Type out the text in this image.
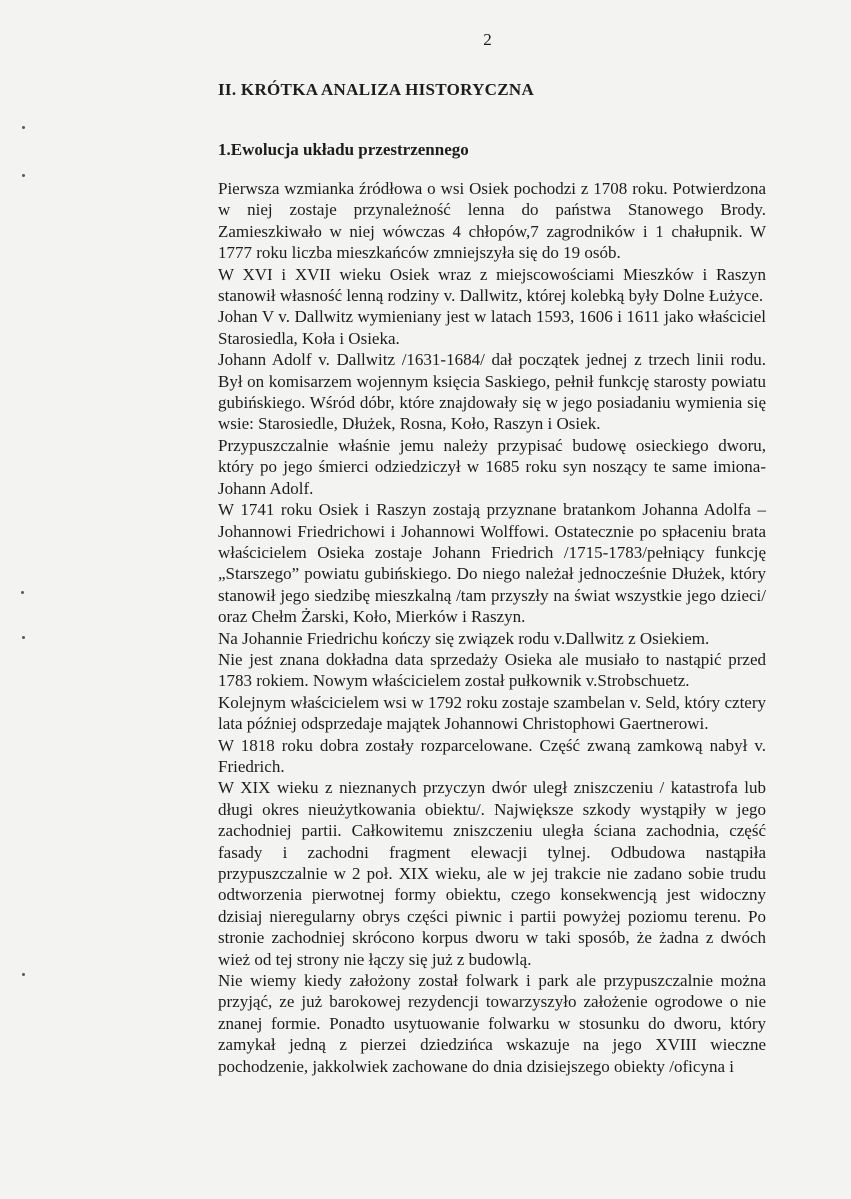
2
II. KRÓTKA ANALIZA HISTORYCZNA
1.Ewolucja układu przestrzennego

Pierwsza wzmianka źródłowa o wsi Osiek pochodzi z 1708 roku. Potwierdzona w niej zostaje przynależność lenna do państwa Stanowego Brody. Zamieszkiwało w niej wówczas 4 chłopów,7 zagrodników i 1 chałupnik. W 1777 roku liczba mieszkańców zmniejszyła się do 19 osób.

W XVI i XVII wieku Osiek wraz z miejscowościami Mieszków i Raszyn stanowił własność lenną rodziny v. Dallwitz, której kolebką były Dolne Łużyce.

Johan V v. Dallwitz wymieniany jest w latach 1593, 1606 i 1611 jako właściciel Starosiedla, Koła i Osieka.

Johann Adolf v. Dallwitz /1631-1684/ dał początek jednej z trzech linii rodu. Był on komisarzem wojennym księcia Saskiego, pełnił funkcję starosty powiatu gubińskiego. Wśród dóbr, które znajdowały się w jego posiadaniu wymienia się wsie: Starosiedle, Dłużek, Rosna, Koło, Raszyn i Osiek.

Przypuszczalnie właśnie jemu należy przypisać budowę osieckiego dworu, który po jego śmierci odziedziczył w 1685 roku syn noszący te same imiona- Johann Adolf.

W 1741 roku Osiek i Raszyn zostają przyznane bratankom Johanna Adolfa – Johannowi Friedrichowi i Johannowi Wolffowi. Ostatecznie po spłaceniu brata właścicielem Osieka zostaje Johann Friedrich /1715-1783/pełniący funkcję „Starszego” powiatu gubińskiego. Do niego należał jednocześnie Dłużek, który stanowił jego siedzibę mieszkalną /tam przyszły na świat wszystkie jego dzieci/ oraz Chełm Żarski, Koło, Mierków i Raszyn.

Na Johannie Friedrichu kończy się związek rodu v.Dallwitz z Osiekiem.

Nie jest znana dokładna data sprzedaży Osieka ale musiało to nastąpić przed 1783 rokiem. Nowym właścicielem został pułkownik v.Strobschuetz.

Kolejnym właścicielem wsi w 1792 roku zostaje szambelan v. Seld, który cztery lata później odsprzedaje majątek Johannowi Christophowi Gaertnerowi.

W 1818 roku dobra zostały rozparcelowane. Część zwaną zamkową nabył v. Friedrich.

W XIX wieku z nieznanych przyczyn dwór uległ zniszczeniu / katastrofa lub długi okres nieużytkowania obiektu/. Największe szkody wystąpiły w jego zachodniej partii. Całkowitemu zniszczeniu uległa ściana zachodnia, część fasady i zachodni fragment elewacji tylnej. Odbudowa nastąpiła przypuszczalnie w 2 poł. XIX wieku, ale w jej trakcie nie zadano sobie trudu odtworzenia pierwotnej formy obiektu, czego konsekwencją jest widoczny dzisiaj nieregularny obrys części piwnic i partii powyżej poziomu terenu. Po stronie zachodniej skrócono korpus dworu w taki sposób, że żadna z dwóch wież od tej strony nie łączy się już z budowlą.

Nie wiemy kiedy założony został folwark i park ale przypuszczalnie można przyjąć, ze już barokowej rezydencji towarzyszyło założenie ogrodowe o nie znanej formie. Ponadto usytuowanie folwarku w stosunku do dworu, który zamykał jedną z pierzei dziedzińca wskazuje na jego XVIII wieczne pochodzenie, jakkolwiek zachowane do dnia dzisiejszego obiekty /oficyna i
